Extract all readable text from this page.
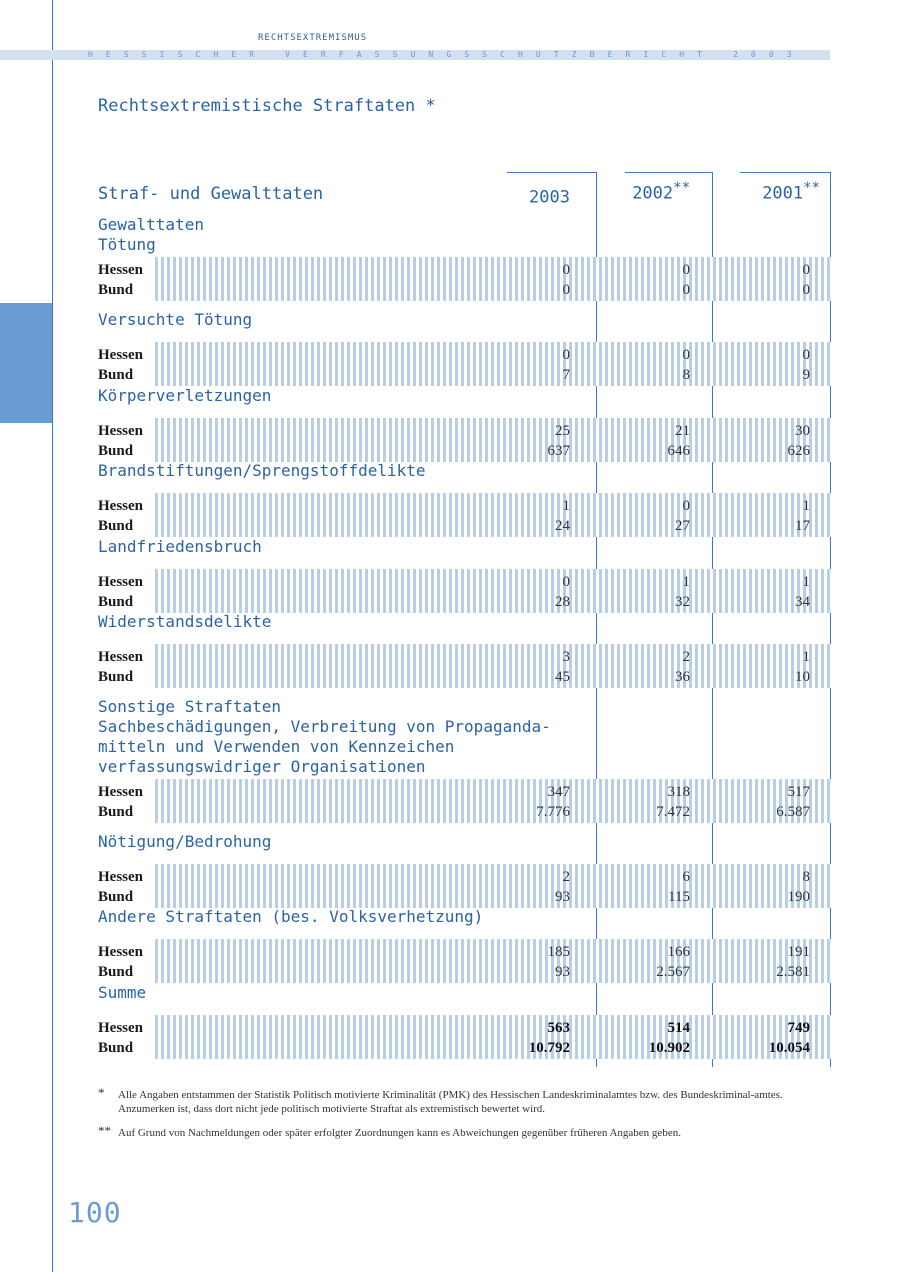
RECHTSEXTREMISMUS
HESSISCHER VERFASSUNGSSCHUTZBERICHT 2003
Rechtsextremistische Straftaten *
Straf- und Gewalttaten	2003	2002**	2001**
Gewalttaten
Tötung
Hessen	0	0	0
Bund	0	0	0
Versuchte Tötung
Hessen	0	0	0
Bund	7	8	9
Körperverletzungen
Hessen	25	21	30
Bund	637	646	626
Brandstiftungen/Sprengstoffdelikte
Hessen	1	0	1
Bund	24	27	17
Landfriedensbruch
Hessen	0	1	1
Bund	28	32	34
Widerstandsdelikte
Hessen	3	2	1
Bund	45	36	10
Sonstige Straftaten
Sachbeschädigungen, Verbreitung von Propaganda-
mitteln und Verwenden von Kennzeichen
verfassungswidriger Organisationen
Hessen	347	318	517
Bund	7.776	7.472	6.587
Nötigung/Bedrohung
Hessen	2	6	8
Bund	93	115	190
Andere Straftaten (bes. Volksverhetzung)
Hessen	185	166	191
Bund	93	2.567	2.581
Summe
Hessen	563	514	749
Bund	10.792	10.902	10.054
*	Alle Angaben entstammen der Statistik Politisch motivierte Kriminalität (PMK) des Hessischen Landeskriminalamtes bzw. des Bundeskriminal-amtes. Anzumerken ist, dass dort nicht jede politisch motivierte Straftat als extremistisch bewertet wird.
** Auf Grund von Nachmeldungen oder später erfolgter Zuordnungen kann es Abweichungen gegenüber früheren Angaben geben.
100
